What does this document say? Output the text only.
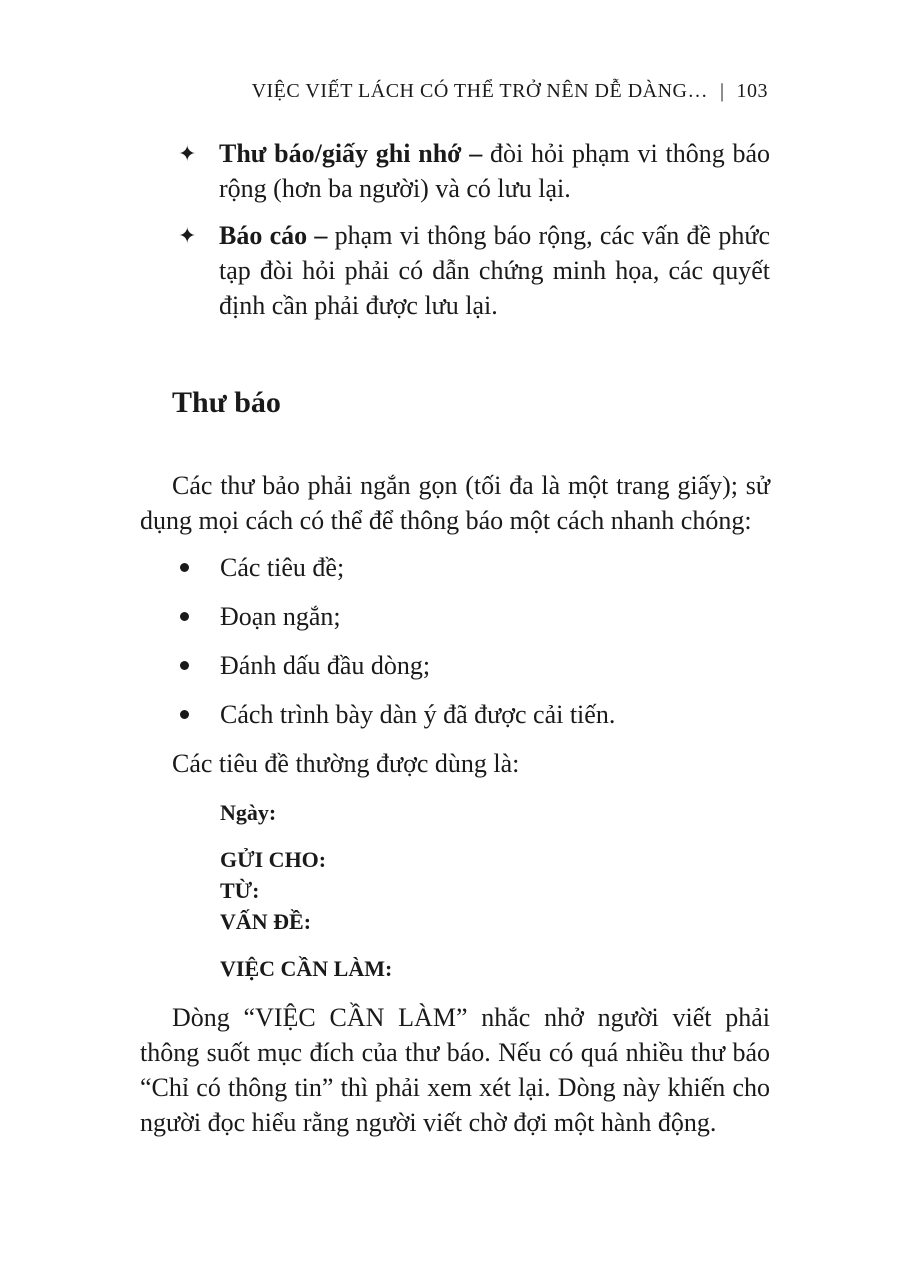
VIỆC VIẾT LÁCH CÓ THỂ TRỞ NÊN DỄ DÀNG… | 103
✦ Thư báo/giấy ghi nhớ – đòi hỏi phạm vi thông báo rộng (hơn ba người) và có lưu lại.
✦ Báo cáo – phạm vi thông báo rộng, các vấn đề phức tạp đòi hỏi phải có dẫn chứng minh họa, các quyết định cần phải được lưu lại.
Thư báo

Các thư bảo phải ngắn gọn (tối đa là một trang giấy); sử dụng mọi cách có thể để thông báo một cách nhanh chóng:

Các tiêu đề;
Đoạn ngắn;
Đánh dấu đầu dòng;
Cách trình bày dàn ý đã được cải tiến.

Các tiêu đề thường được dùng là:

Ngày:
GỬI CHO:
TỪ:
VẤN ĐỀ:
VIỆC CẦN LÀM:

Dòng “VIỆC CẦN LÀM” nhắc nhở người viết phải thông suốt mục đích của thư báo. Nếu có quá nhiều thư báo “Chỉ có thông tin” thì phải xem xét lại. Dòng này khiến cho người đọc hiểu rằng người viết chờ đợi một hành động.
